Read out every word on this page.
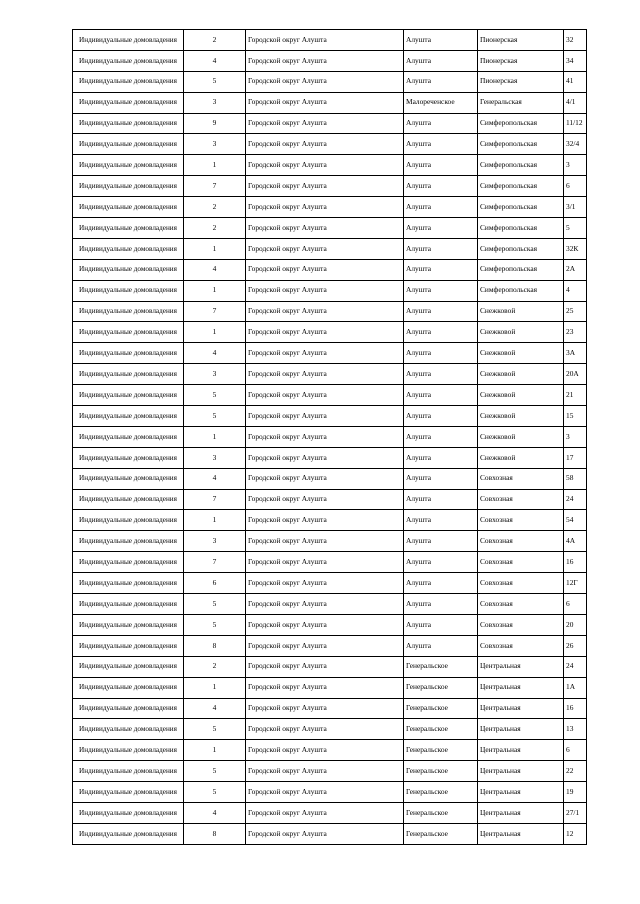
Индивидуальные домовладения	2	Городской округ Алушта	Алушта	Пионерская	32
Индивидуальные домовладения	4	Городской округ Алушта	Алушта	Пионерская	34
Индивидуальные домовладения	5	Городской округ Алушта	Алушта	Пионерская	41
Индивидуальные домовладения	3	Городской округ Алушта	Малореченское	Генеральская	4/1
Индивидуальные домовладения	9	Городской округ Алушта	Алушта	Симферопольская	11/12
Индивидуальные домовладения	3	Городской округ Алушта	Алушта	Симферопольская	32/4
Индивидуальные домовладения	1	Городской округ Алушта	Алушта	Симферопольская	3
Индивидуальные домовладения	7	Городской округ Алушта	Алушта	Симферопольская	6
Индивидуальные домовладения	2	Городской округ Алушта	Алушта	Симферопольская	3/1
Индивидуальные домовладения	2	Городской округ Алушта	Алушта	Симферопольская	5
Индивидуальные домовладения	1	Городской округ Алушта	Алушта	Симферопольская	32К
Индивидуальные домовладения	4	Городской округ Алушта	Алушта	Симферопольская	2А
Индивидуальные домовладения	1	Городской округ Алушта	Алушта	Симферопольская	4
Индивидуальные домовладения	7	Городской округ Алушта	Алушта	Снежковой	25
Индивидуальные домовладения	1	Городской округ Алушта	Алушта	Снежковой	23
Индивидуальные домовладения	4	Городской округ Алушта	Алушта	Снежковой	3А
Индивидуальные домовладения	3	Городской округ Алушта	Алушта	Снежковой	20А
Индивидуальные домовладения	5	Городской округ Алушта	Алушта	Снежковой	21
Индивидуальные домовладения	5	Городской округ Алушта	Алушта	Снежковой	15
Индивидуальные домовладения	1	Городской округ Алушта	Алушта	Снежковой	3
Индивидуальные домовладения	3	Городской округ Алушта	Алушта	Снежковой	17
Индивидуальные домовладения	4	Городской округ Алушта	Алушта	Совхозная	58
Индивидуальные домовладения	7	Городской округ Алушта	Алушта	Совхозная	24
Индивидуальные домовладения	1	Городской округ Алушта	Алушта	Совхозная	54
Индивидуальные домовладения	3	Городской округ Алушта	Алушта	Совхозная	4А
Индивидуальные домовладения	7	Городской округ Алушта	Алушта	Совхозная	16
Индивидуальные домовладения	6	Городской округ Алушта	Алушта	Совхозная	12Г
Индивидуальные домовладения	5	Городской округ Алушта	Алушта	Совхозная	6
Индивидуальные домовладения	5	Городской округ Алушта	Алушта	Совхозная	20
Индивидуальные домовладения	8	Городской округ Алушта	Алушта	Совхозная	26
Индивидуальные домовладения	2	Городской округ Алушта	Генеральское	Центральная	24
Индивидуальные домовладения	1	Городской округ Алушта	Генеральское	Центральная	1А
Индивидуальные домовладения	4	Городской округ Алушта	Генеральское	Центральная	16
Индивидуальные домовладения	5	Городской округ Алушта	Генеральское	Центральная	13
Индивидуальные домовладения	1	Городской округ Алушта	Генеральское	Центральная	6
Индивидуальные домовладения	5	Городской округ Алушта	Генеральское	Центральная	22
Индивидуальные домовладения	5	Городской округ Алушта	Генеральское	Центральная	19
Индивидуальные домовладения	4	Городской округ Алушта	Генеральское	Центральная	27/1
Индивидуальные домовладения	8	Городской округ Алушта	Генеральское	Центральная	12
